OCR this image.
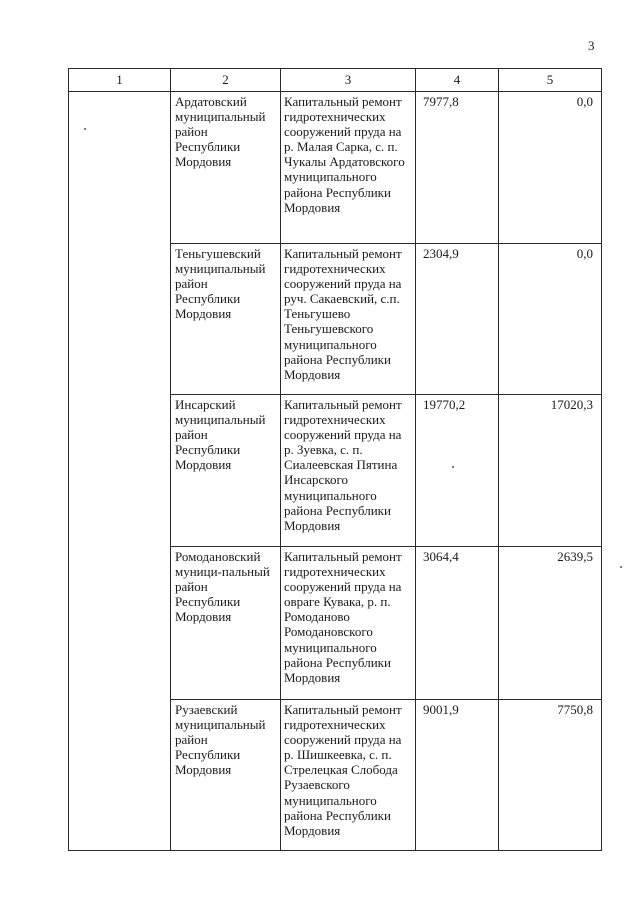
3
1	2	3	4	5

	Ардатовский муниципальный район Республики Мордовия	Капитальный ремонт гидротехнических сооружений пруда на р. Малая Сарка, с. п. Чукалы Ардатовского муниципального района Республики Мордовия	7977,8	0,0

	Теньгушевский муниципальный район Республики Мордовия	Капитальный ремонт гидротехнических сооружений пруда на руч. Сакаевский, с.п. Теньгушево Теньгушевского муниципального района Республики Мордовия	2304,9	0,0

	Инсарский муниципальный район Республики Мордовия	Капитальный ремонт гидротехнических сооружений пруда на р. Зуевка, с. п. Сиалеевская Пятина Инсарского муниципального района Республики Мордовия	19770,2	17020,3

	Ромодановский муници-пальный район Республики Мордовия	Капитальный ремонт гидротехнических сооружений пруда на овраге Кувака, р. п. Ромоданово Ромодановского муниципального района Республики Мордовия	3064,4	2639,5

	Рузаевский муниципальный район Республики Мордовия	Капитальный ремонт гидротехнических сооружений пруда на р. Шишкеевка, с. п. Стрелецкая Слобода Рузаевского муниципального района Республики Мордовия	9001,9	7750,8
